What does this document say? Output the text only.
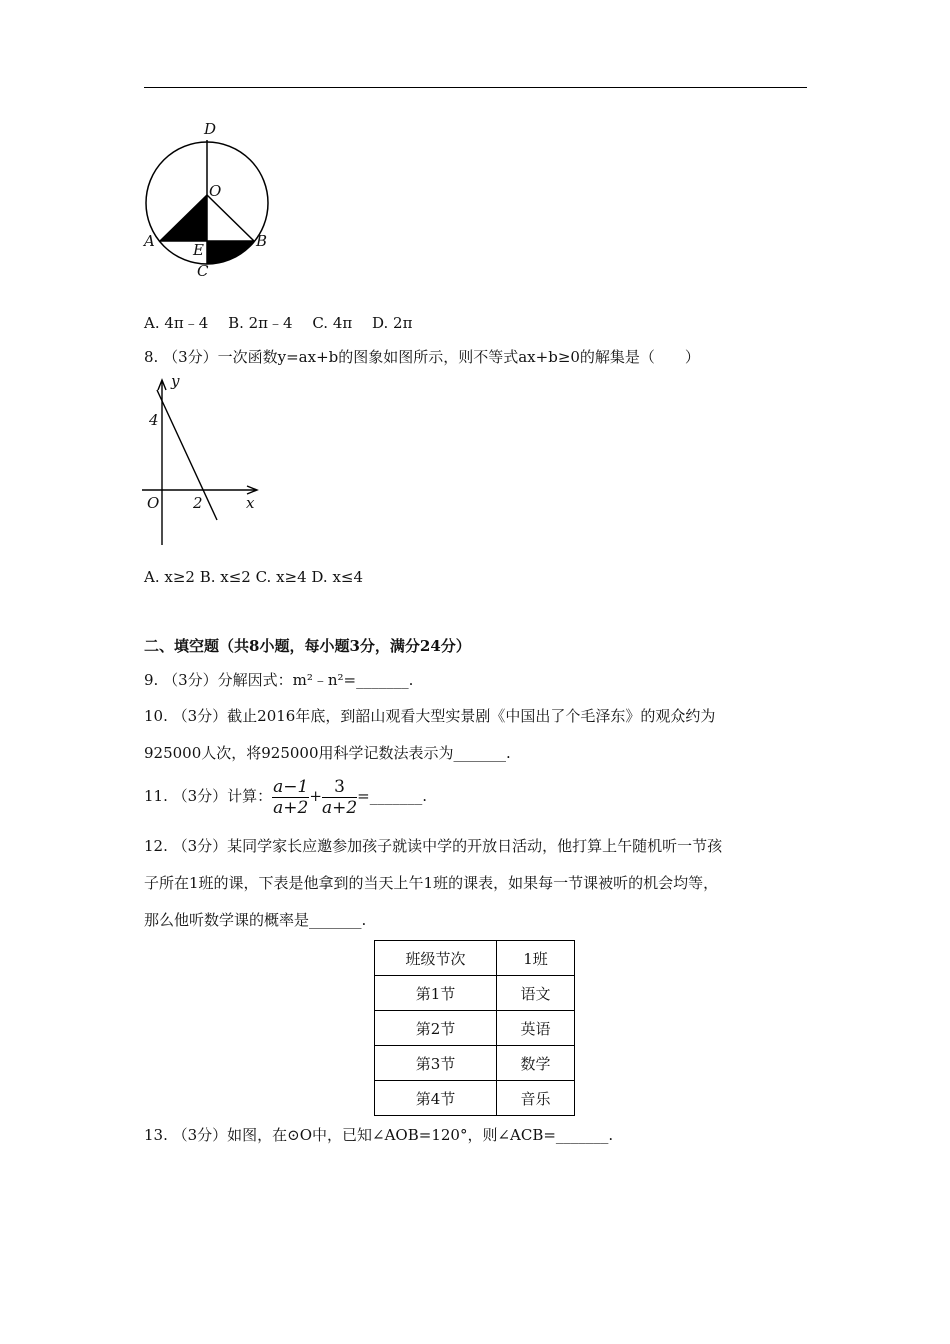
D
O
A	E	B
C
A. 4π﹣4　 B. 2π﹣4　 C. 4π　 D. 2π
8. （3分）一次函数y=ax+b的图象如图所示，则不等式ax+b≥0的解集是（　　）
y
4
O 2	x
A. x≥2 B. x≤2 C. x≥4 D. x≤4
二、填空题（共8小题，每小题3分，满分24分）
9. （3分）分解因式：m²﹣n²=_______.
10. （3分）截止2016年底，到韶山观看大型实景剧《中国出了个毛泽东》的观众约为
925000人次，将925000用科学记数法表示为_______.
11. （3分）计算： $\frac{a-1}{a+2} + \frac{3}{a+2}$ =_______.
12. （3分）某同学家长应邀参加孩子就读中学的开放日活动，他打算上午随机听一节孩
子所在1班的课，下表是他拿到的当天上午1班的课表，如果每一节课被听的机会均等，
那么他听数学课的概率是_______.
班级节次	1班
第1节	语文
第2节	英语
第3节	数学
第4节	音乐
13. （3分）如图，在⊙O中，已知∠AOB=120°，则∠ACB=_______.
